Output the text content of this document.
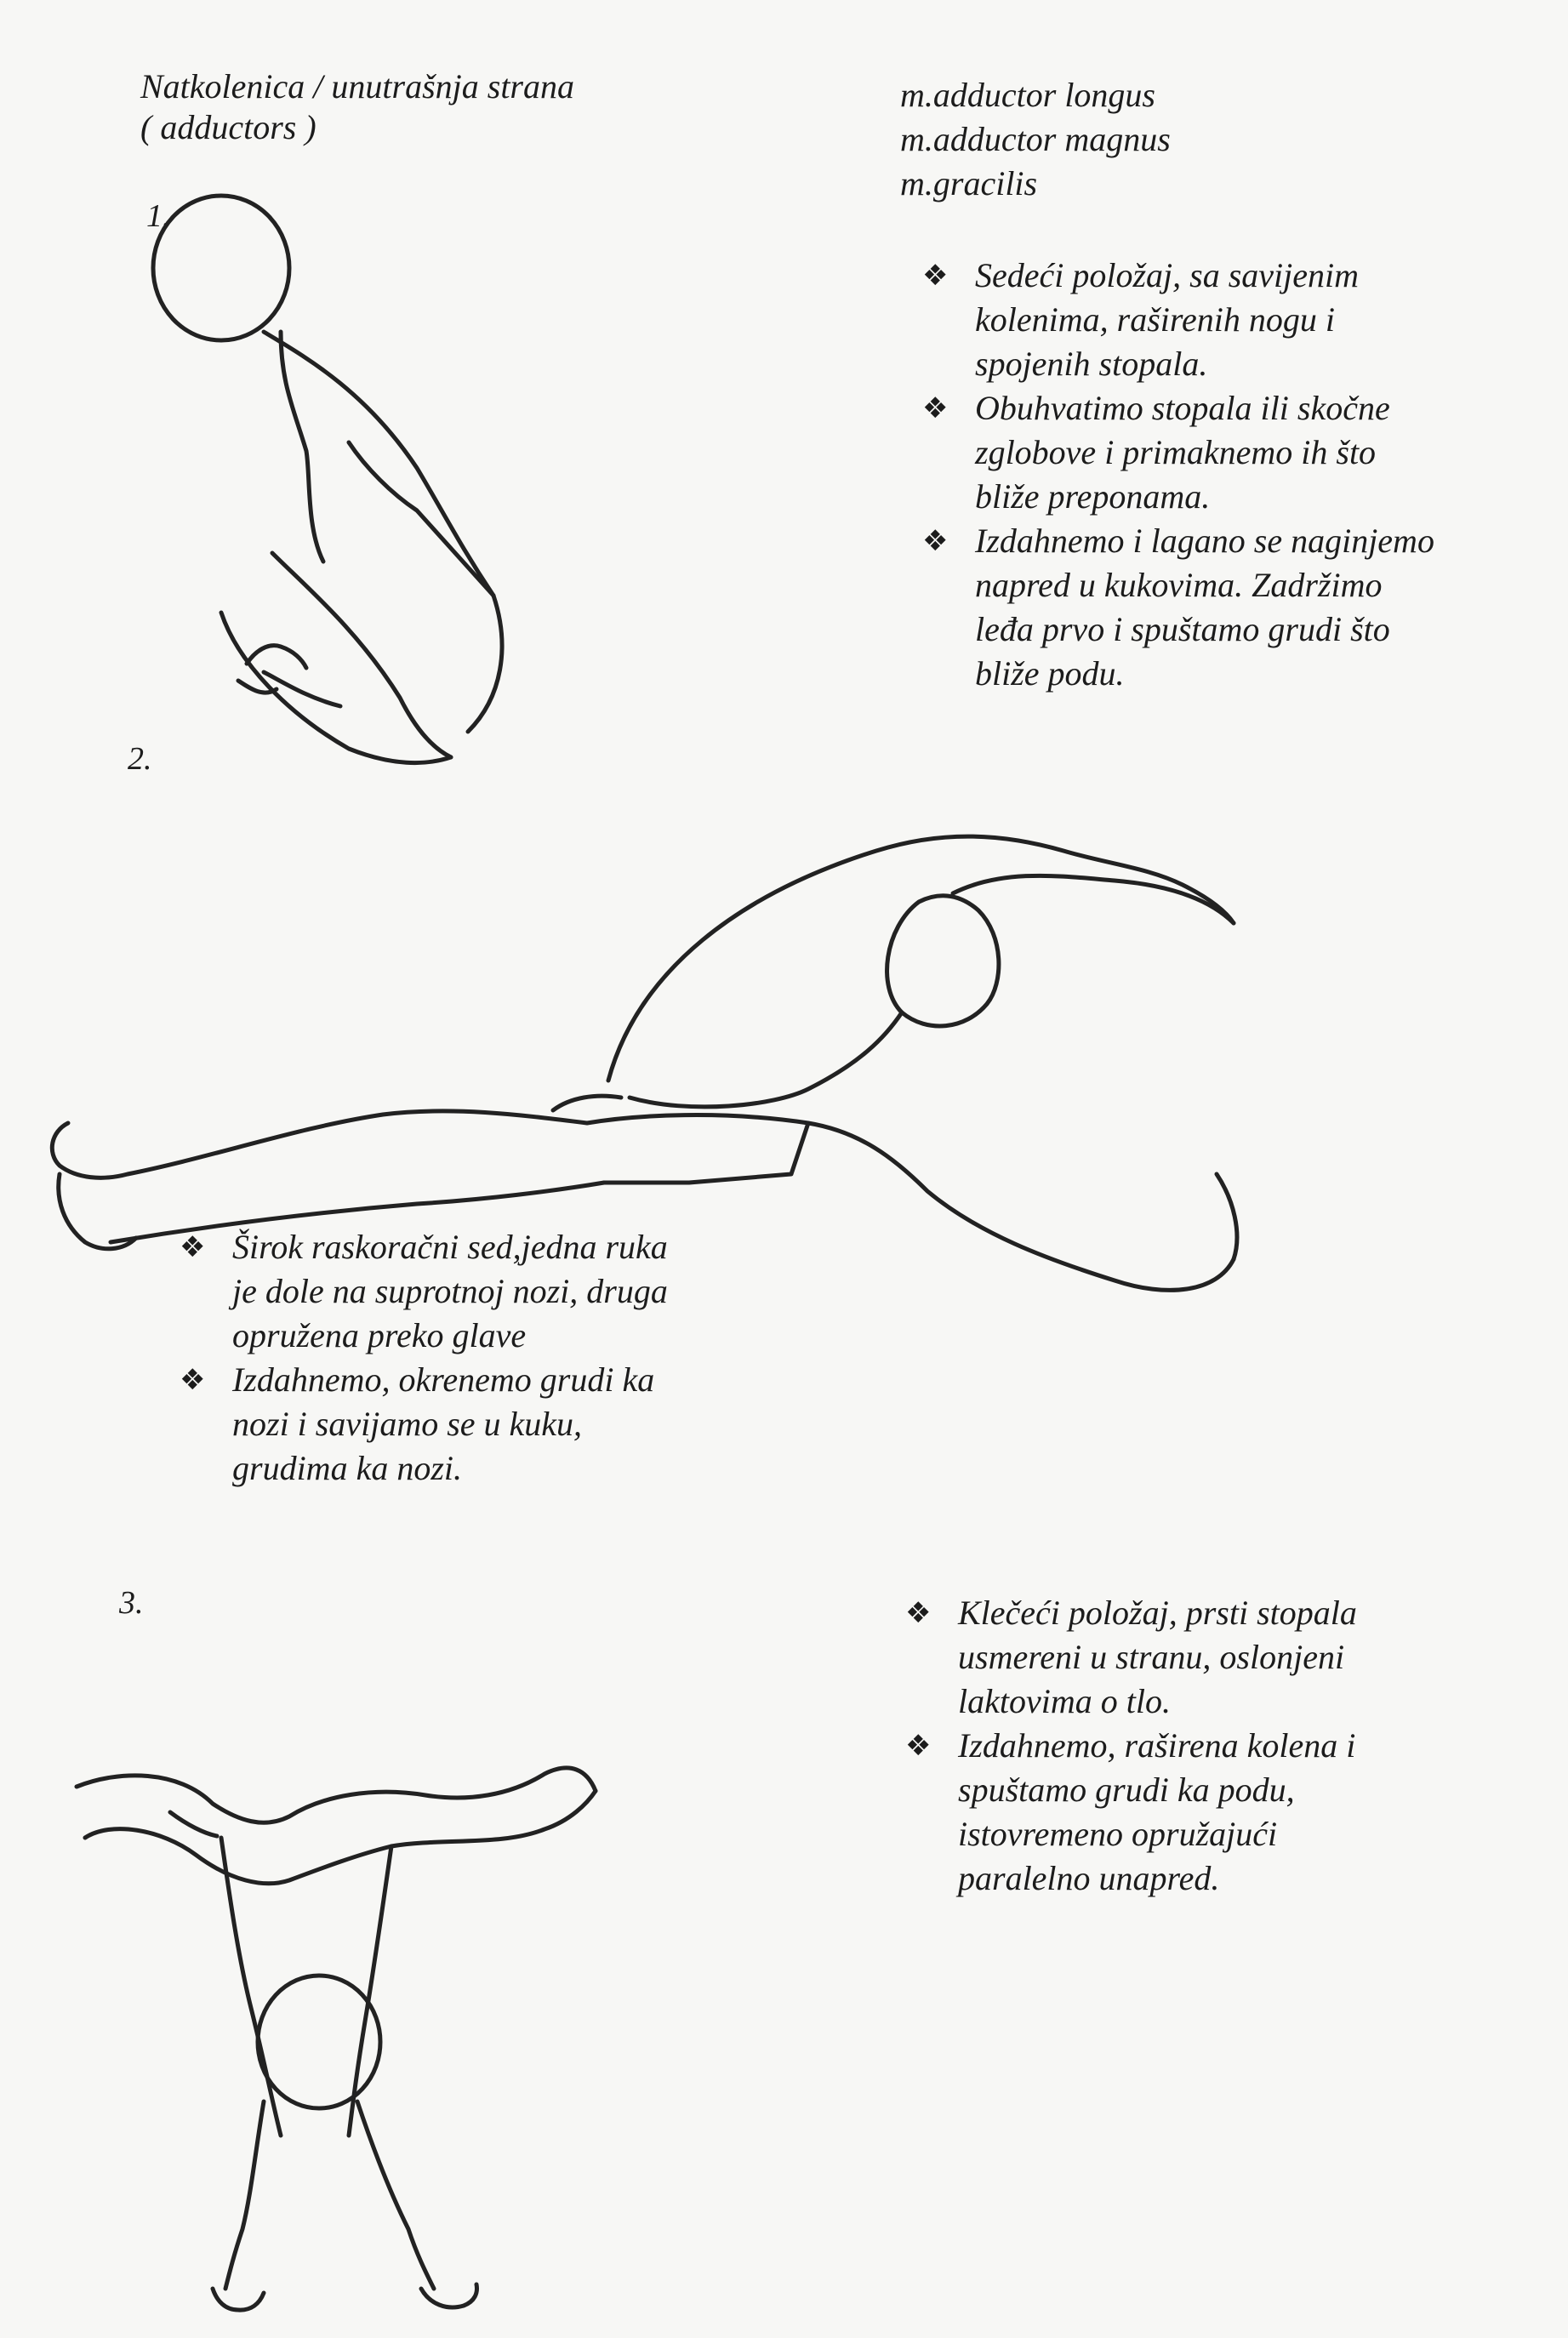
Natkolenica / unutrašnja strana
( adductors )
m.adductor longus
m.adductor magnus
m.gracilis
1.
❖ Sedeći položaj, sa savijenim
kolenima, raširenih nogu i
spojenih stopala.
❖ Obuhvatimo stopala ili skočne
zglobove i primaknemo ih što
bliže preponama.
❖ Izdahnemo i lagano se naginjemo
napred u kukovima. Zadržimo
leđa prvo i spuštamo grudi što
bliže podu.
2.
❖ Širok raskoračni sed,jedna ruka
je dole na suprotnoj nozi, druga
opružena preko glave
❖ Izdahnemo, okrenemo grudi ka
nozi i savijamo se u kuku,
grudima ka nozi.
3.	❖ Klečeći položaj, prsti stopala
usmereni u stranu, oslonjeni
laktovima o tlo.
❖ Izdahnemo, raširena kolena i
spuštamo grudi ka podu,
istovremeno opružajući
paralelno unapred.
